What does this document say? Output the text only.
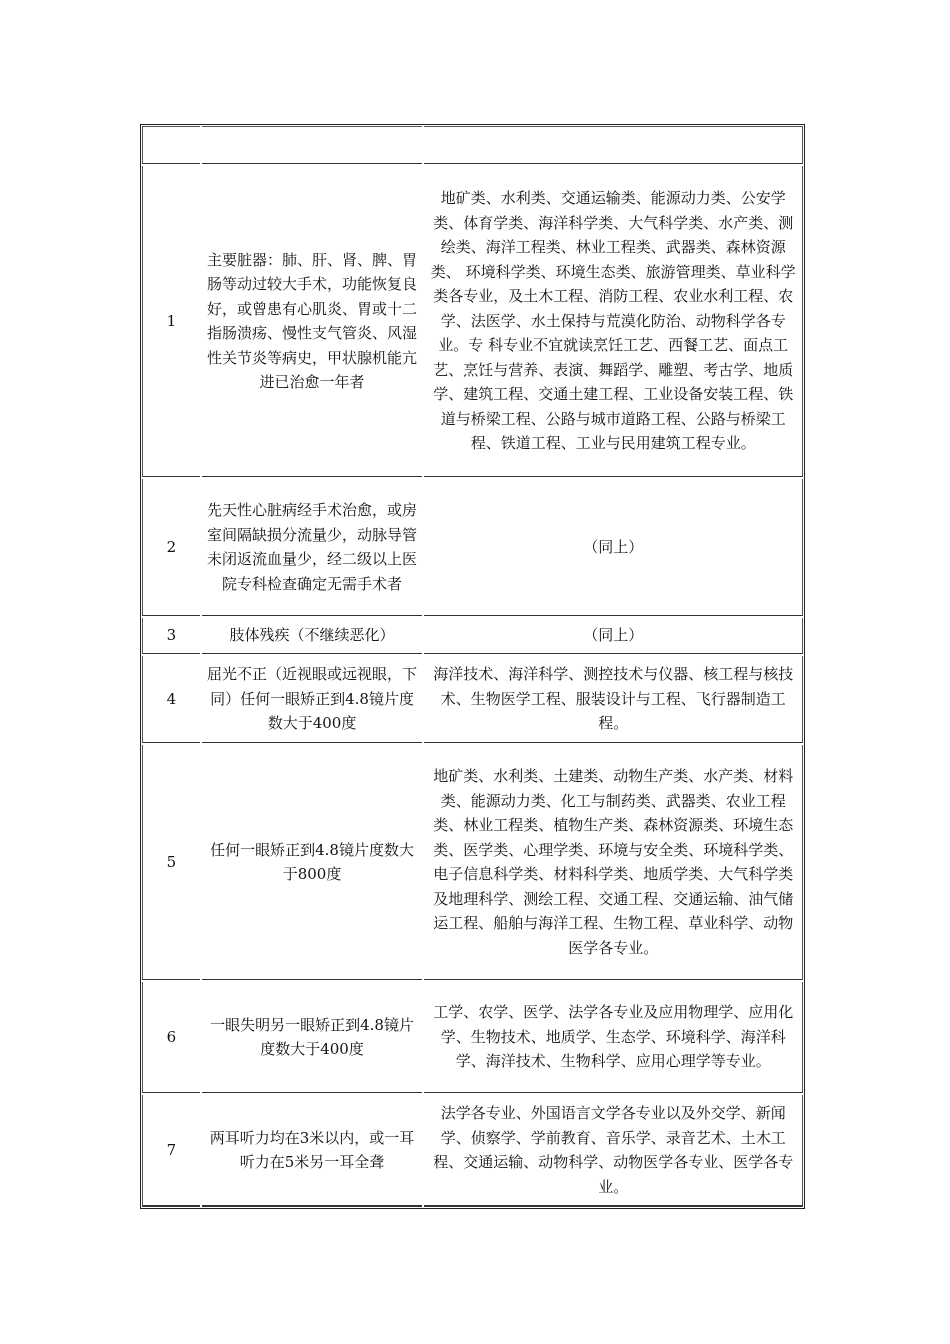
1	主要脏器：肺、肝、肾、脾、胃肠等动过较大手术，功能恢复良好，或曾患有心肌炎、胃或十二指肠溃疡、慢性支气管炎、风湿性关节炎等病史，甲状腺机能亢进已治愈一年者	地矿类、水利类、交通运输类、能源动力类、公安学类、体育学类、海洋科学类、大气科学类、水产类、测绘类、海洋工程类、林业工程类、武器类、森林资源类、 环境科学类、环境生态类、旅游管理类、草业科学类各专业，及土木工程、消防工程、农业水利工程、农学、法医学、水土保持与荒漠化防治、动物科学各专业。专 科专业不宜就读烹饪工艺、西餐工艺、面点工艺、烹饪与营养、表演、舞蹈学、雕塑、考古学、地质学、建筑工程、交通土建工程、工业设备安装工程、铁道与桥梁工程、公路与城市道路工程、公路与桥梁工程、铁道工程、工业与民用建筑工程专业。
2	先天性心脏病经手术治愈，或房室间隔缺损分流量少，动脉导管未闭返流血量少，经二级以上医院专科检查确定无需手术者	（同上）
3	肢体残疾（不继续恶化）	（同上）
4	屈光不正（近视眼或远视眼，下同）任何一眼矫正到4.8镜片度数大于400度	海洋技术、海洋科学、测控技术与仪器、核工程与核技术、生物医学工程、服装设计与工程、飞行器制造工程。
5	任何一眼矫正到4.8镜片度数大于800度	地矿类、水利类、土建类、动物生产类、水产类、材料类、能源动力类、化工与制药类、武器类、农业工程类、林业工程类、植物生产类、森林资源类、环境生态 类、医学类、心理学类、环境与安全类、环境科学类、电子信息科学类、材料科学类、地质学类、大气科学类及地理科学、测绘工程、交通工程、交通运输、油气储 运工程、船舶与海洋工程、生物工程、草业科学、动物医学各专业。
6	一眼失明另一眼矫正到4.8镜片度数大于400度	工学、农学、医学、法学各专业及应用物理学、应用化学、生物技术、地质学、生态学、环境科学、海洋科学、海洋技术、生物科学、应用心理学等专业。
7	两耳听力均在3米以内，或一耳听力在5米另一耳全聋	法学各专业、外国语言文学各专业以及外交学、新闻学、侦察学、学前教育、音乐学、录音艺术、土木工程、交通运输、动物科学、动物医学各专业、医学各专业。
